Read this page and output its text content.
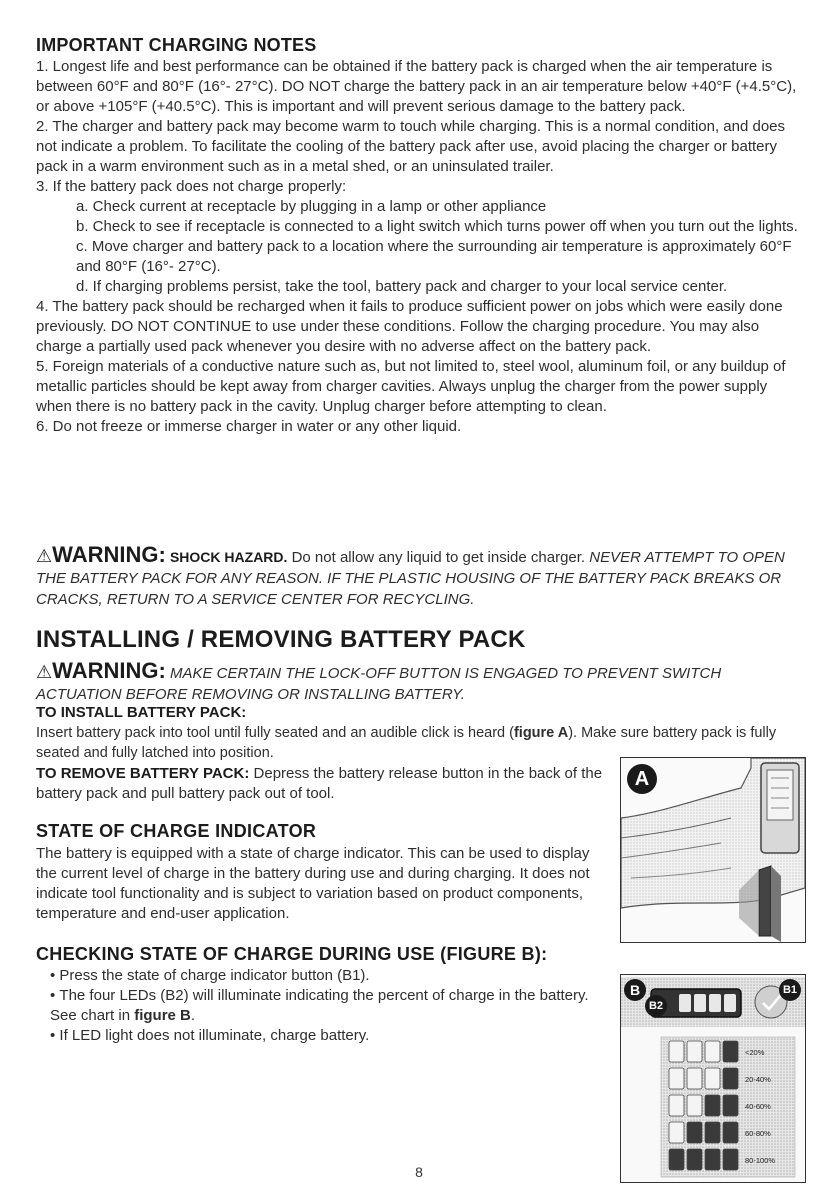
IMPORTANT CHARGING NOTES
1. Longest life and best performance can be obtained if the battery pack is charged when the air temperature is between 60°F and 80°F (16°- 27°C). DO NOT charge the battery pack in an air temperature below +40°F (+4.5°C), or above +105°F (+40.5°C). This is important and will prevent serious damage to the battery pack.
2. The charger and battery pack may become warm to touch while charging. This is a normal condition, and does not indicate a problem. To facilitate the cooling of the battery pack after use, avoid placing the charger or battery pack in a warm environment such as in a metal shed, or an uninsulated trailer.
3. If the battery pack does not charge properly:
a. Check current at receptacle by plugging in a lamp or other appliance
b. Check to see if receptacle is connected to a light switch which turns power off when you turn out the lights.
c. Move charger and battery pack to a location where the surrounding air temperature is approximately 60°F and 80°F (16°- 27°C).
d. If charging problems persist, take the tool, battery pack and charger to your local service center.
4. The battery pack should be recharged when it fails to produce sufficient power on jobs which were easily done previously. DO NOT CONTINUE to use under these conditions. Follow the charging procedure. You may also charge a partially used pack whenever you desire with no adverse affect on the battery pack.
5. Foreign materials of a conductive nature such as, but not limited to, steel wool, aluminum foil, or any buildup of metallic particles should be kept away from charger cavities. Always unplug the charger from the power supply when there is no battery pack in the cavity. Unplug charger before attempting to clean.
6. Do not freeze or immerse charger in water or any other liquid.
⚠WARNING: SHOCK HAZARD. Do not allow any liquid to get inside charger. NEVER ATTEMPT TO OPEN THE BATTERY PACK FOR ANY REASON. IF THE PLASTIC HOUSING OF THE BATTERY PACK BREAKS OR CRACKS, RETURN TO A SERVICE CENTER FOR RECYCLING.
INSTALLING / REMOVING BATTERY PACK
⚠WARNING: MAKE CERTAIN THE LOCK-OFF BUTTON IS ENGAGED TO PREVENT SWITCH ACTUATION BEFORE REMOVING OR INSTALLING BATTERY.
TO INSTALL BATTERY PACK:
Insert battery pack into tool until fully seated and an audible click is heard (figure A). Make sure battery pack is fully seated and fully latched into position.
TO REMOVE BATTERY PACK: Depress the battery release button in the back of the battery pack and pull battery pack out of tool.
STATE OF CHARGE INDICATOR
The battery is equipped with a state of charge indicator. This can be used to display the current level of charge in the battery during use and during charging. It does not indicate tool functionality and is subject to variation based on product components, temperature and end-user application.
CHECKING STATE OF CHARGE DURING USE (FIGURE B):
• Press the state of charge indicator button (B1).
• The four LEDs (B2) will illuminate indicating the percent of charge in the battery. See chart in figure B.
• If LED light does not illuminate, charge battery.
A
<20%
20-40%
40-60%
60-80%
80-100%
B	B1
B2
8
